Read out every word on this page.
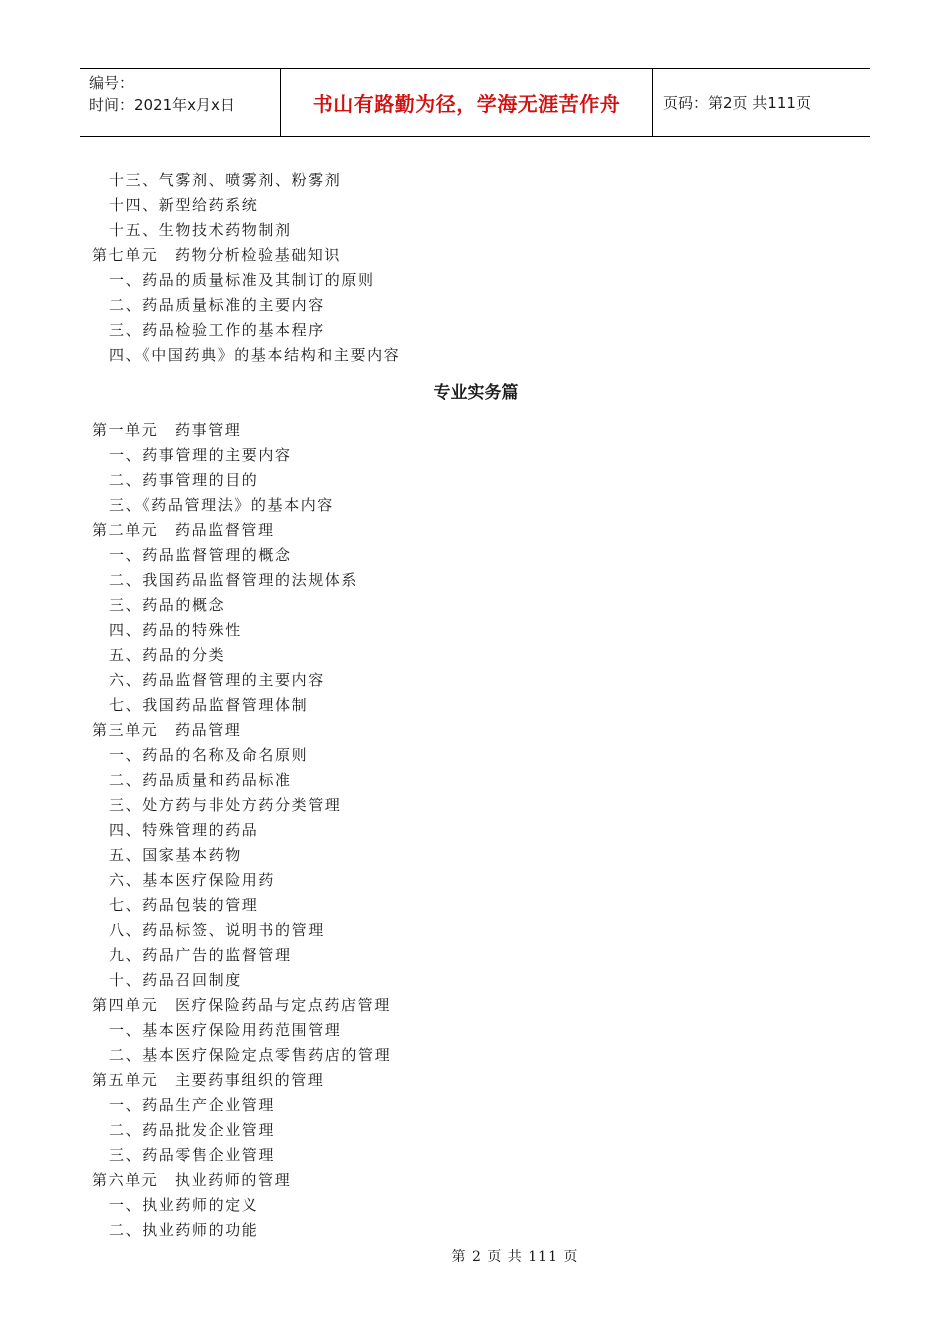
编号：
时间：2021年x月x日	书山有路勤为径，学海无涯苦作舟	页码：第2页 共111页
十三、气雾剂、喷雾剂、粉雾剂
十四、新型给药系统
十五、生物技术药物制剂
第七单元　药物分析检验基础知识
一、药品的质量标准及其制订的原则
二、药品质量标准的主要内容
三、药品检验工作的基本程序
四、《中国药典》的基本结构和主要内容
专业实务篇
第一单元　药事管理
一、药事管理的主要内容
二、药事管理的目的
三、《药品管理法》的基本内容
第二单元　药品监督管理
一、药品监督管理的概念
二、我国药品监督管理的法规体系
三、药品的概念
四、药品的特殊性
五、药品的分类
六、药品监督管理的主要内容
七、我国药品监督管理体制
第三单元　药品管理
一、药品的名称及命名原则
二、药品质量和药品标准
三、处方药与非处方药分类管理
四、特殊管理的药品
五、国家基本药物
六、基本医疗保险用药
七、药品包装的管理
八、药品标签、说明书的管理
九、药品广告的监督管理
十、药品召回制度
第四单元　医疗保险药品与定点药店管理
一、基本医疗保险用药范围管理
二、基本医疗保险定点零售药店的管理
第五单元　主要药事组织的管理
一、药品生产企业管理
二、药品批发企业管理
三、药品零售企业管理
第六单元　执业药师的管理
一、执业药师的定义
二、执业药师的功能
第 2 页 共 111 页
